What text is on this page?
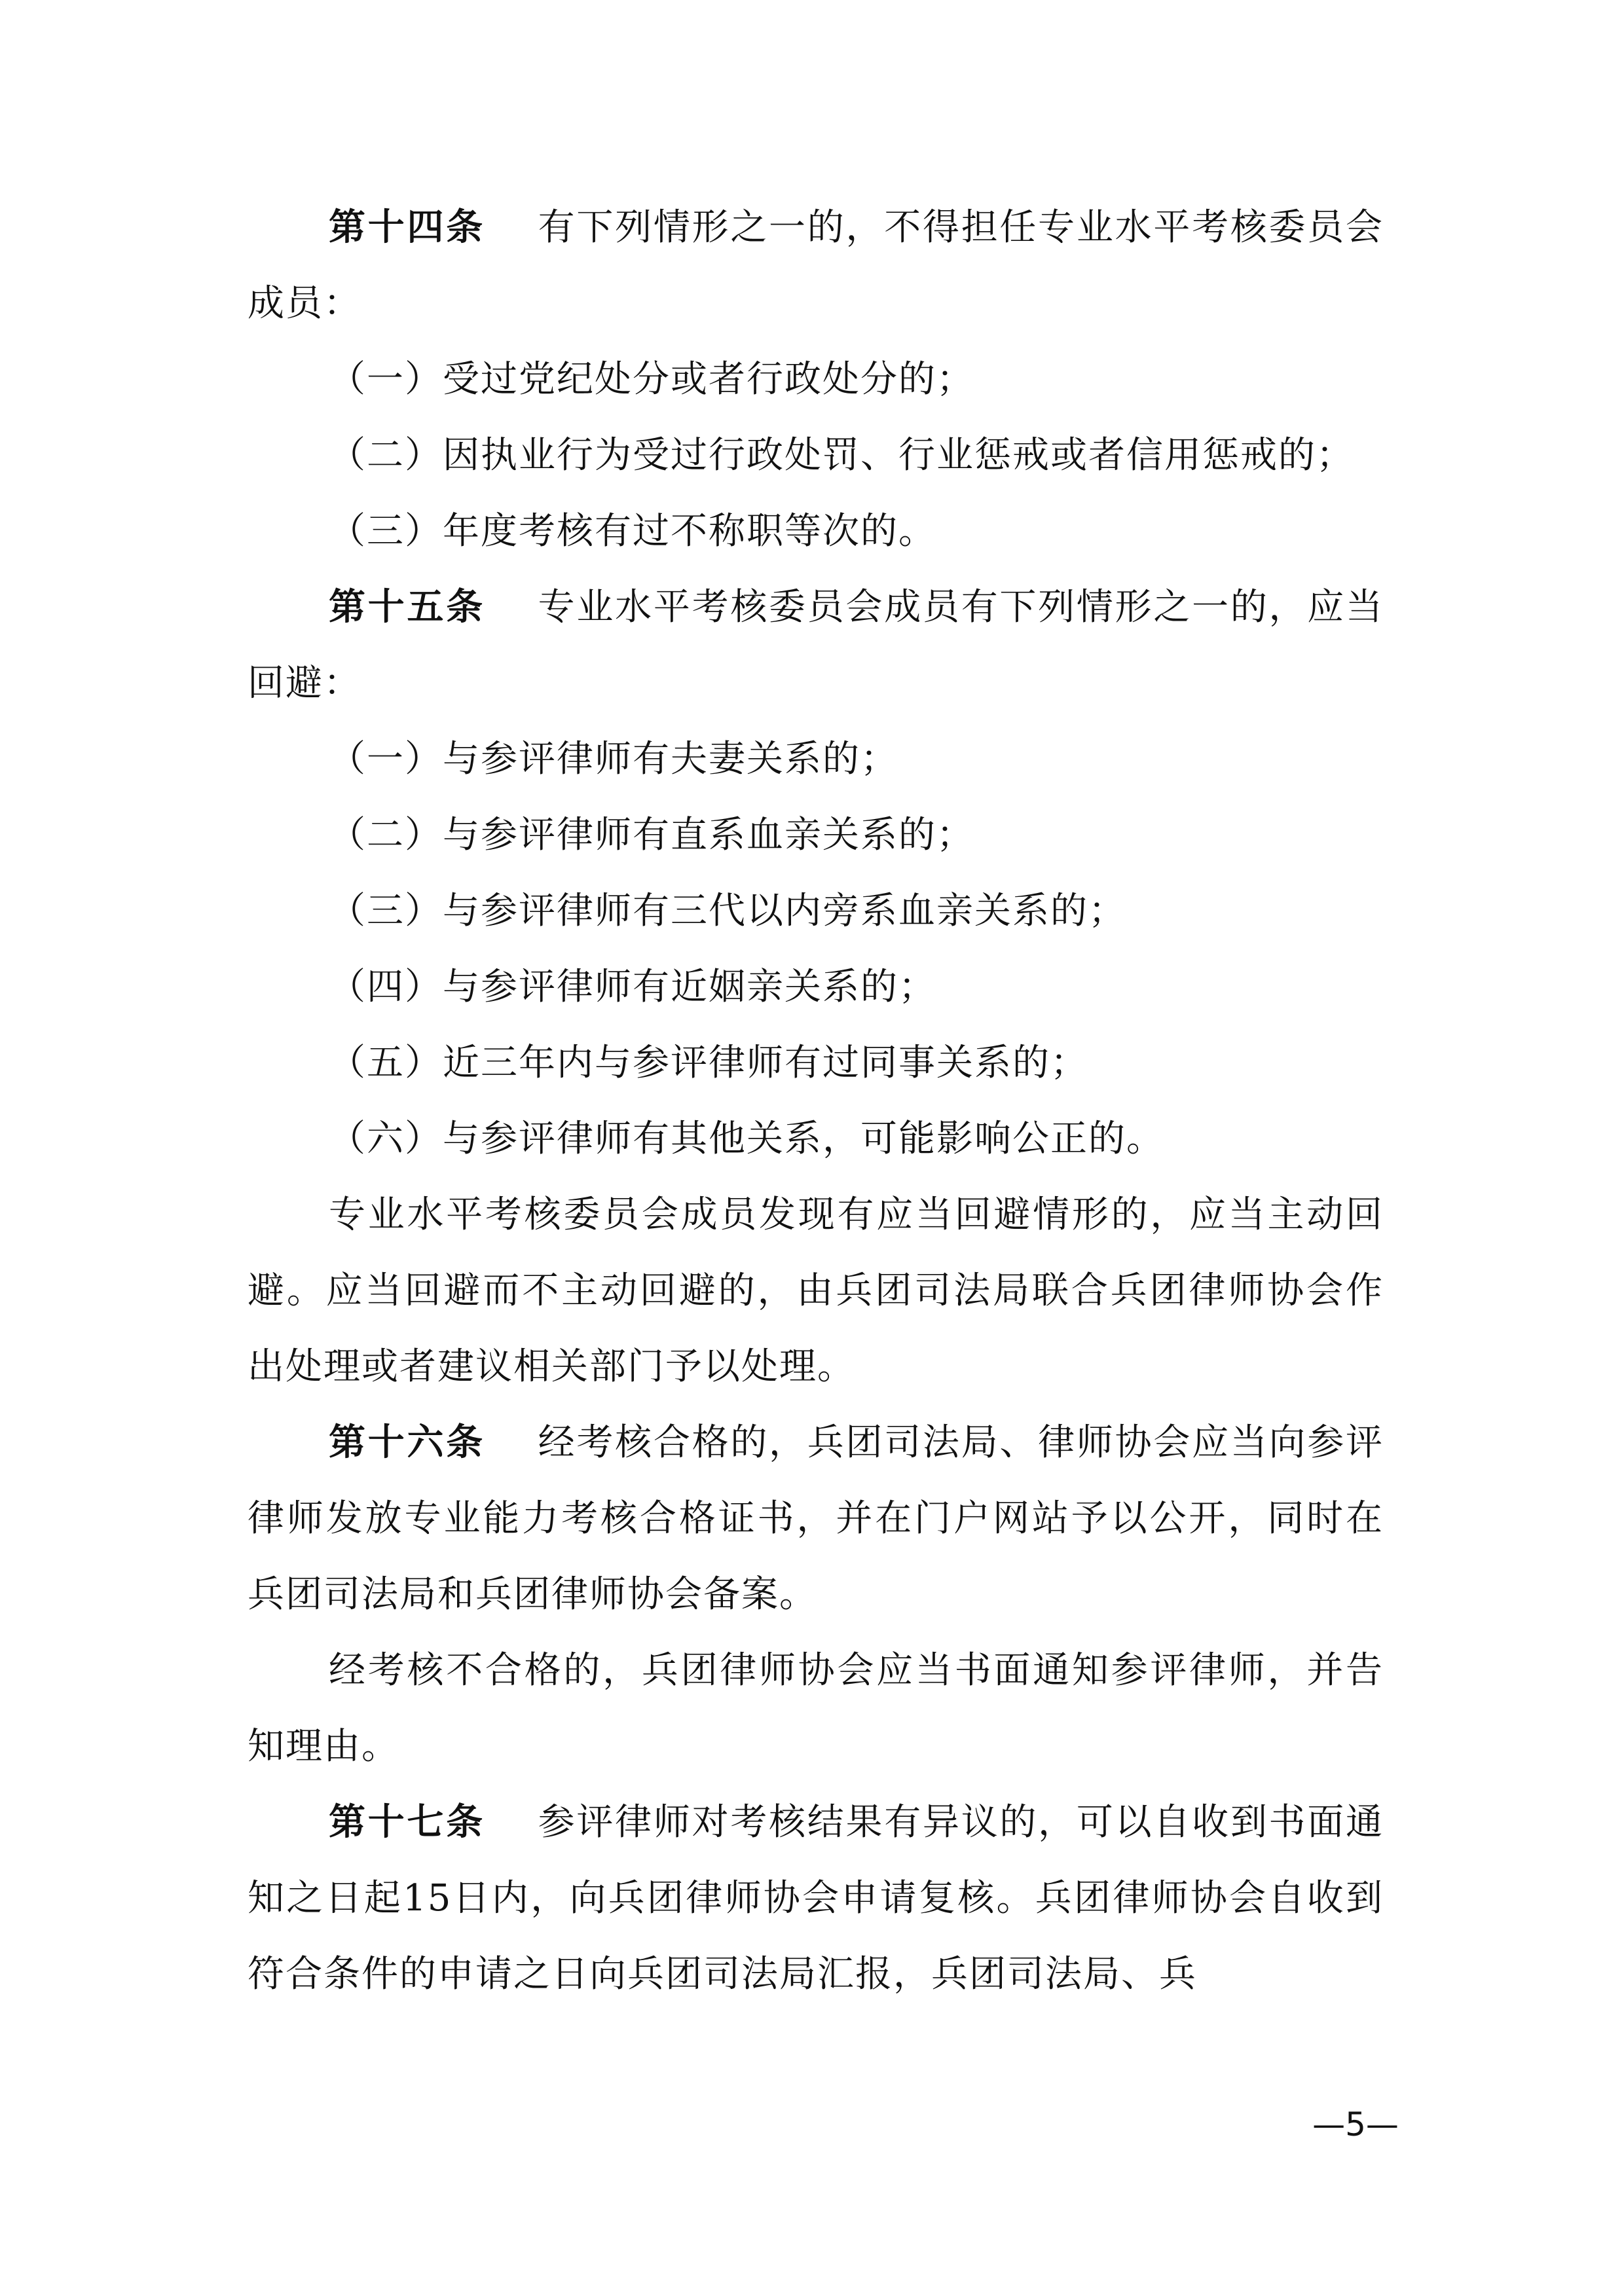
第十四条 有下列情形之一的，不得担任专业水平考核委员会成员：

（一）受过党纪处分或者行政处分的；

（二）因执业行为受过行政处罚、行业惩戒或者信用惩戒的；

（三）年度考核有过不称职等次的。

第十五条 专业水平考核委员会成员有下列情形之一的，应当回避：

（一）与参评律师有夫妻关系的；

（二）与参评律师有直系血亲关系的；

（三）与参评律师有三代以内旁系血亲关系的；

（四）与参评律师有近姻亲关系的；

（五）近三年内与参评律师有过同事关系的；

（六）与参评律师有其他关系，可能影响公正的。

专业水平考核委员会成员发现有应当回避情形的，应当主动回避。应当回避而不主动回避的，由兵团司法局联合兵团律师协会作出处理或者建议相关部门予以处理。

第十六条 经考核合格的，兵团司法局、律师协会应当向参评律师发放专业能力考核合格证书，并在门户网站予以公开，同时在兵团司法局和兵团律师协会备案。

经考核不合格的，兵团律师协会应当书面通知参评律师，并告知理由。

第十七条 参评律师对考核结果有异议的，可以自收到书面通知之日起15日内，向兵团律师协会申请复核。兵团律师协会自收到符合条件的申请之日向兵团司法局汇报，兵团司法局、兵

—5—
